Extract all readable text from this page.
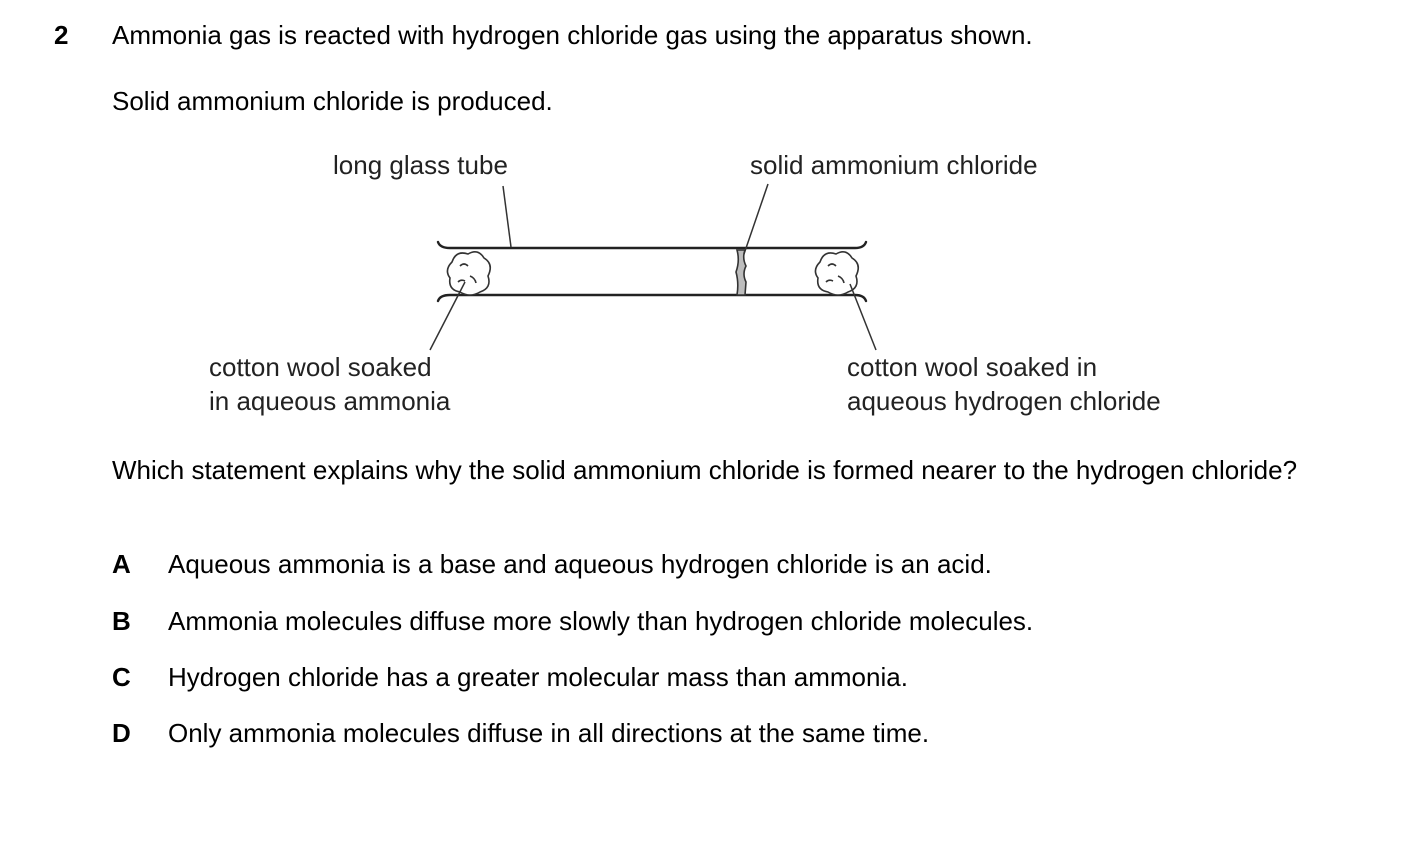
2 Ammonia gas is reacted with hydrogen chloride gas using the apparatus shown.
Solid ammonium chloride is produced.
long glass tube	solid ammonium chloride
cotton wool soaked
in aqueous ammonia
cotton wool soaked in
aqueous hydrogen chloride
Which statement explains why the solid ammonium chloride is formed nearer to the hydrogen chloride?
A Aqueous ammonia is a base and aqueous hydrogen chloride is an acid.
B Ammonia molecules diffuse more slowly than hydrogen chloride molecules.
C Hydrogen chloride has a greater molecular mass than ammonia.
D Only ammonia molecules diffuse in all directions at the same time.
